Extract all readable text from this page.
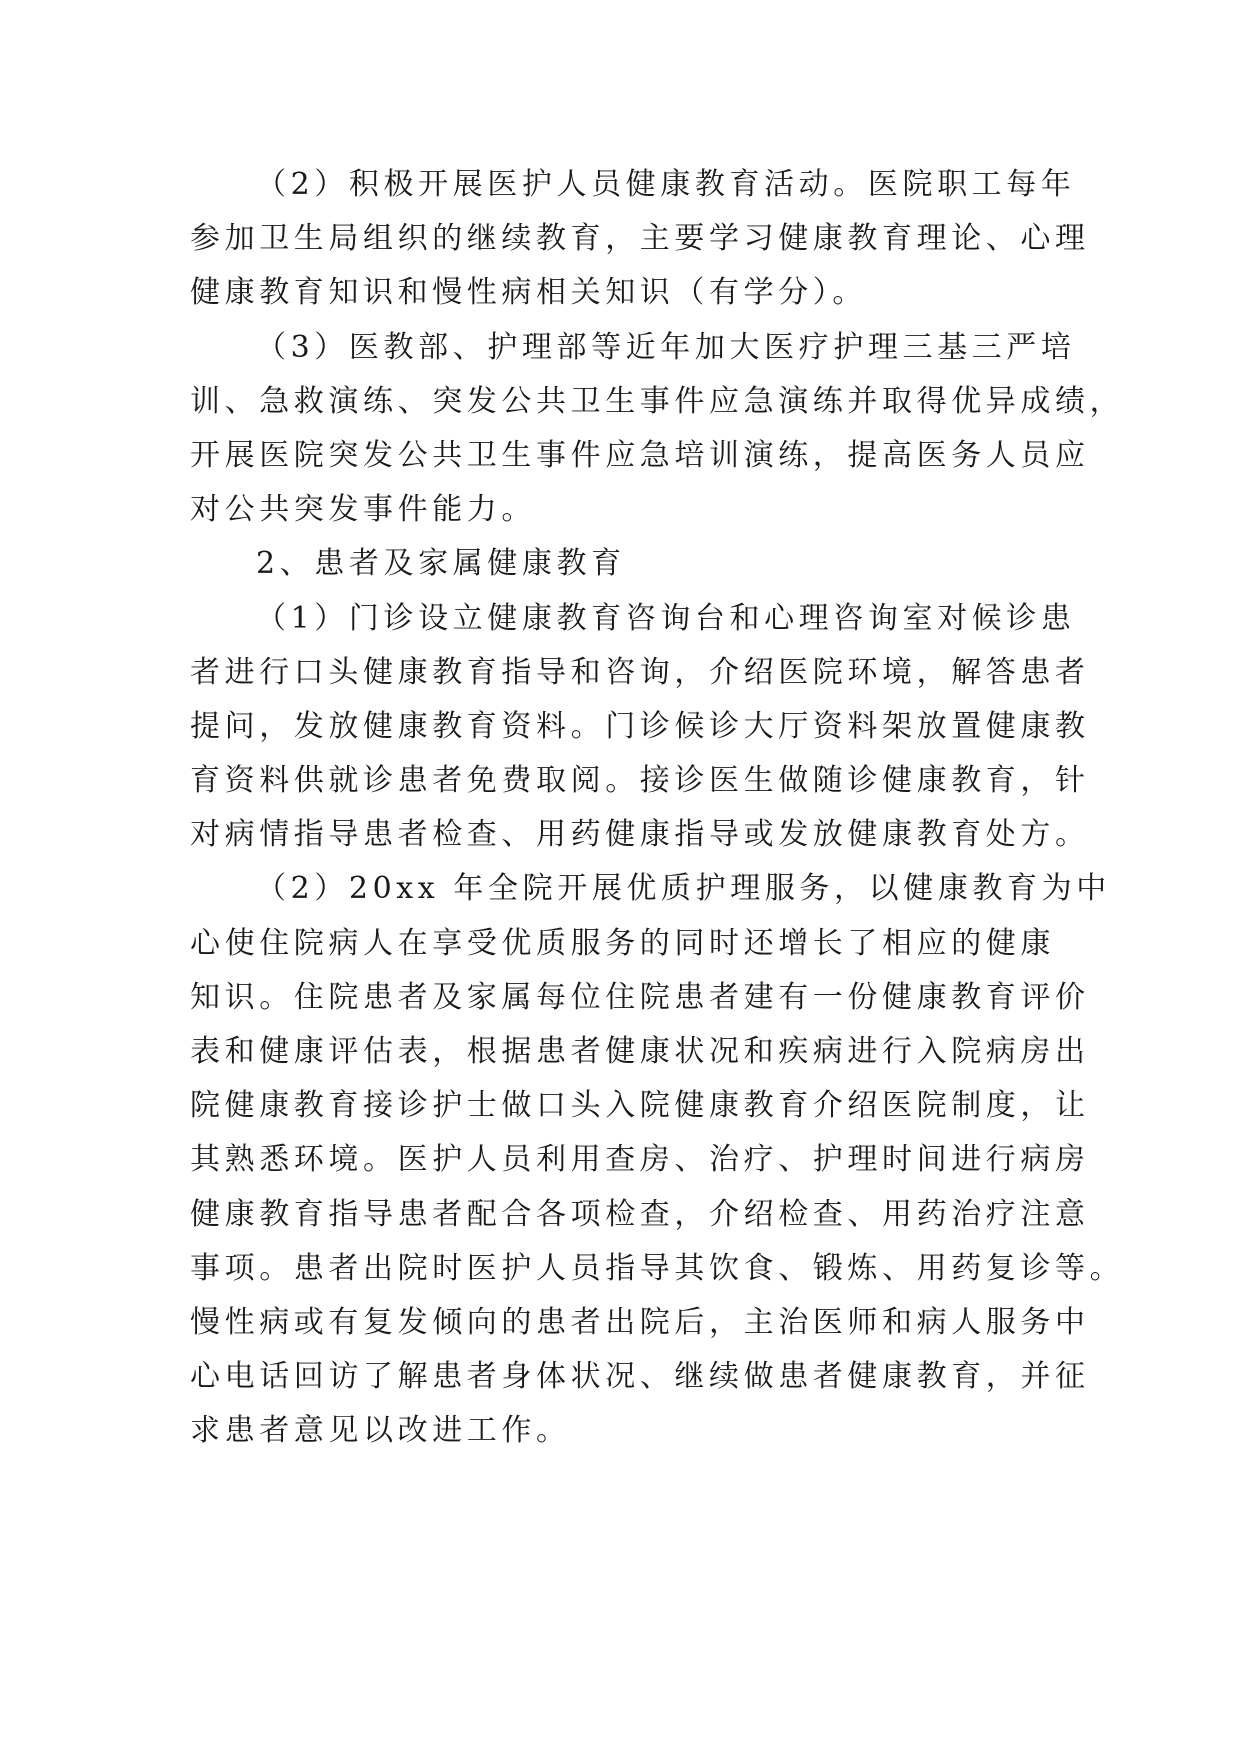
（2）积极开展医护人员健康教育活动。医院职工每年
参加卫生局组织的继续教育，主要学习健康教育理论、心理
健康教育知识和慢性病相关知识（有学分）。
（3）医教部、护理部等近年加大医疗护理三基三严培
训、急救演练、突发公共卫生事件应急演练并取得优异成绩，
开展医院突发公共卫生事件应急培训演练，提高医务人员应
对公共突发事件能力。
2、患者及家属健康教育
（1）门诊设立健康教育咨询台和心理咨询室对候诊患
者进行口头健康教育指导和咨询，介绍医院环境，解答患者
提问，发放健康教育资料。门诊候诊大厅资料架放置健康教
育资料供就诊患者免费取阅。接诊医生做随诊健康教育，针
对病情指导患者检查、用药健康指导或发放健康教育处方。
（2）20xx 年全院开展优质护理服务，以健康教育为中
心使住院病人在享受优质服务的同时还增长了相应的健康
知识。住院患者及家属每位住院患者建有一份健康教育评价
表和健康评估表，根据患者健康状况和疾病进行入院病房出
院健康教育接诊护士做口头入院健康教育介绍医院制度，让
其熟悉环境。医护人员利用查房、治疗、护理时间进行病房
健康教育指导患者配合各项检查，介绍检查、用药治疗注意
事项。患者出院时医护人员指导其饮食、锻炼、用药复诊等。
慢性病或有复发倾向的患者出院后，主治医师和病人服务中
心电话回访了解患者身体状况、继续做患者健康教育，并征
求患者意见以改进工作。
